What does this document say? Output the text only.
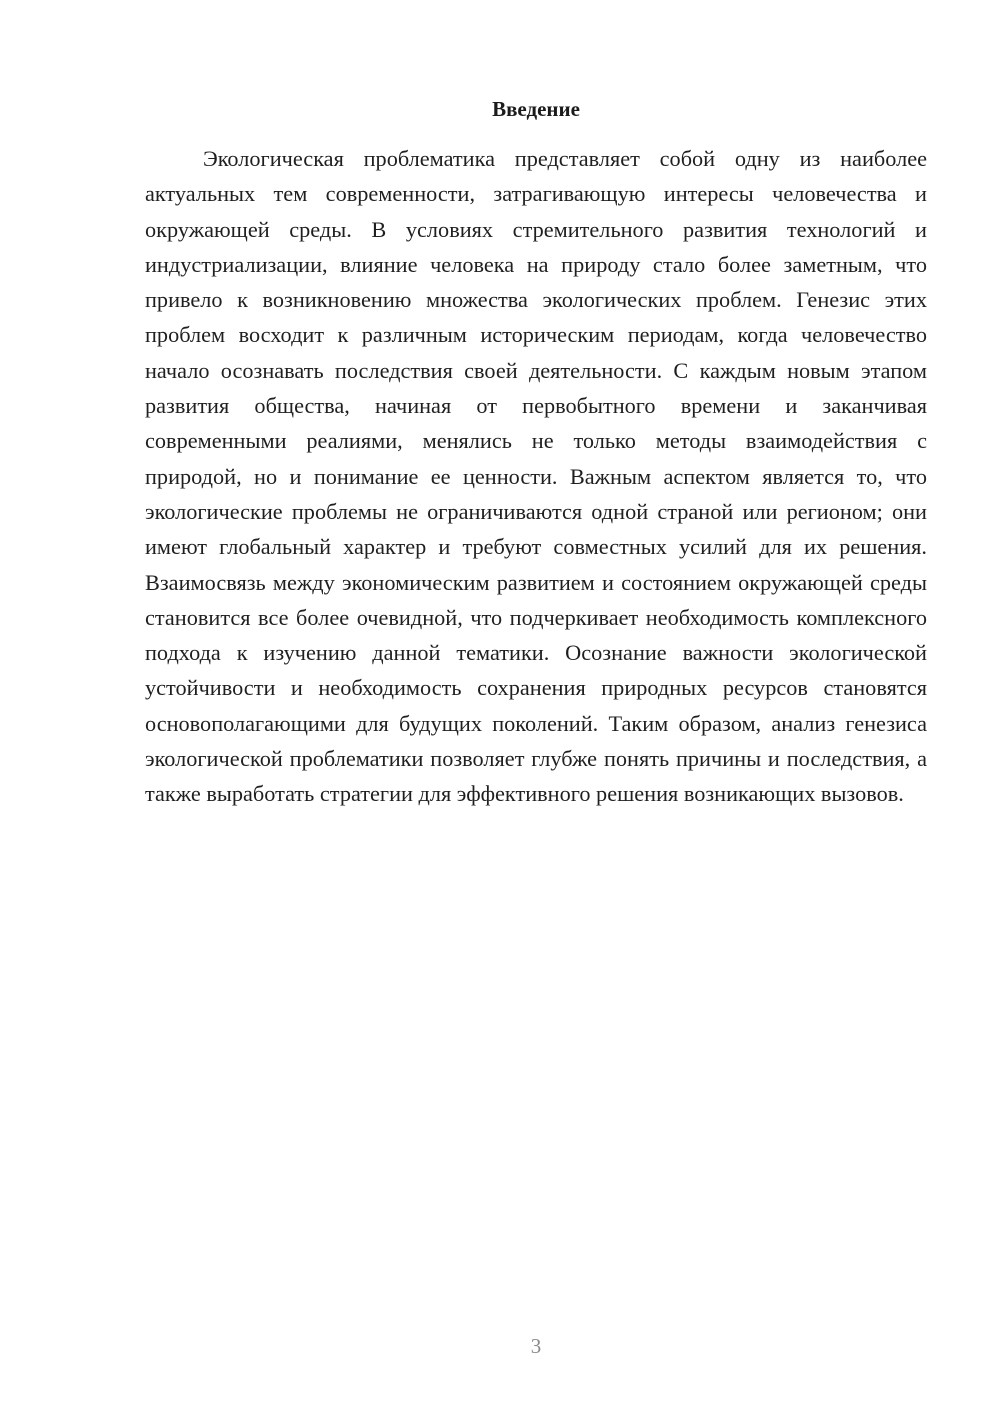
Введение

Экологическая проблематика представляет собой одну из наиболее актуальных тем современности, затрагивающую интересы человечества и окружающей среды. В условиях стремительного развития технологий и индустриализации, влияние человека на природу стало более заметным, что привело к возникновению множества экологических проблем. Генезис этих проблем восходит к различным историческим периодам, когда человечество начало осознавать последствия своей деятельности. С каждым новым этапом развития общества, начиная от первобытного времени и заканчивая современными реалиями, менялись не только методы взаимодействия с природой, но и понимание ее ценности. Важным аспектом является то, что экологические проблемы не ограничиваются одной страной или регионом; они имеют глобальный характер и требуют совместных усилий для их решения. Взаимосвязь между экономическим развитием и состоянием окружающей среды становится все более очевидной, что подчеркивает необходимость комплексного подхода к изучению данной тематики. Осознание важности экологической устойчивости и необходимость сохранения природных ресурсов становятся основополагающими для будущих поколений. Таким образом, анализ генезиса экологической проблематики позволяет глубже понять причины и последствия, а также выработать стратегии для эффективного решения возникающих вызовов.

3
